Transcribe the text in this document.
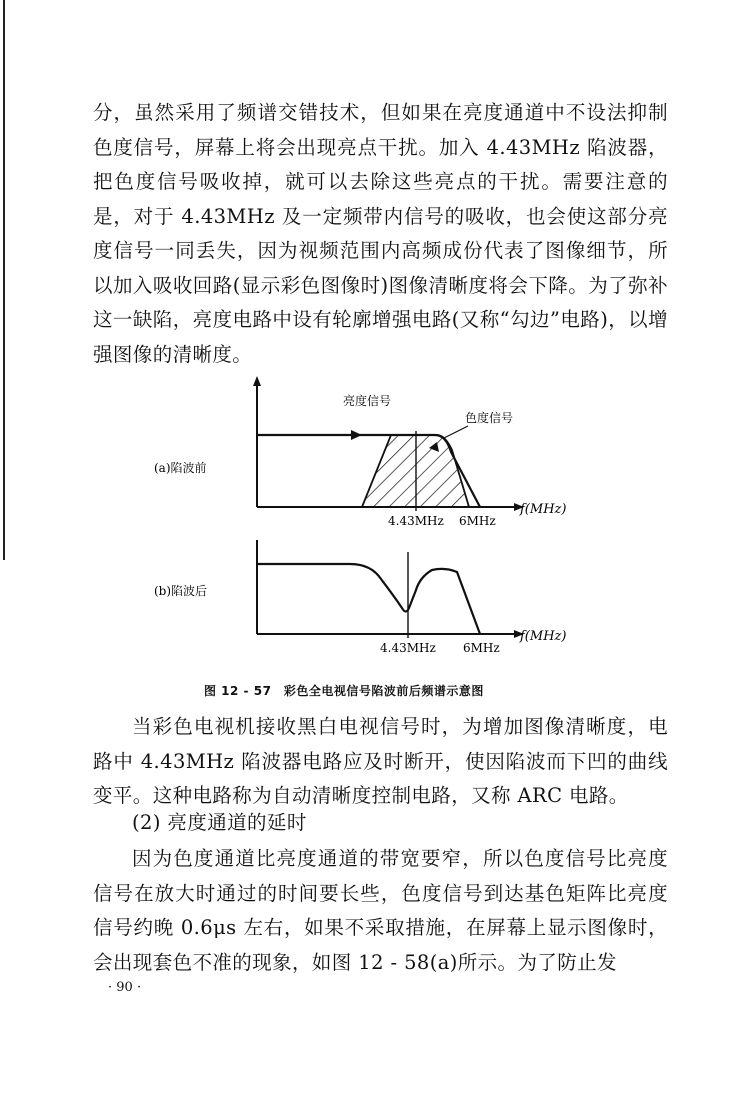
分，虽然采用了频谱交错技术，但如果在亮度通道中不设法抑制色度信号，屏幕上将会出现亮点干扰。加入 4.43MHz 陷波器，把色度信号吸收掉，就可以去除这些亮点的干扰。需要注意的是，对于 4.43MHz 及一定频带内信号的吸收，也会使这部分亮度信号一同丢失，因为视频范围内高频成份代表了图像细节，所以加入吸收回路(显示彩色图像时)图像清晰度将会下降。为了弥补这一缺陷，亮度电路中设有轮廓增强电路(又称“勾边”电路)，以增强图像的清晰度。

亮度信号
色度信号
(a)陷波前
4.43MHz 6MHz
f(MHz)
(b)陷波后
4.43MHz 6MHz
f(MHz)
图 12 - 57　彩色全电视信号陷波前后频谱示意图

当彩色电视机接收黑白电视信号时，为增加图像清晰度，电路中 4.43MHz 陷波器电路应及时断开，使因陷波而下凹的曲线变平。这种电路称为自动清晰度控制电路，又称 ARC 电路。

(2) 亮度通道的延时

因为色度通道比亮度通道的带宽要窄，所以色度信号比亮度信号在放大时通过的时间要长些，色度信号到达基色矩阵比亮度信号约晚 0.6μs 左右，如果不采取措施，在屏幕上显示图像时，会出现套色不准的现象，如图 12 - 58(a)所示。为了防止发

· 90 ·
